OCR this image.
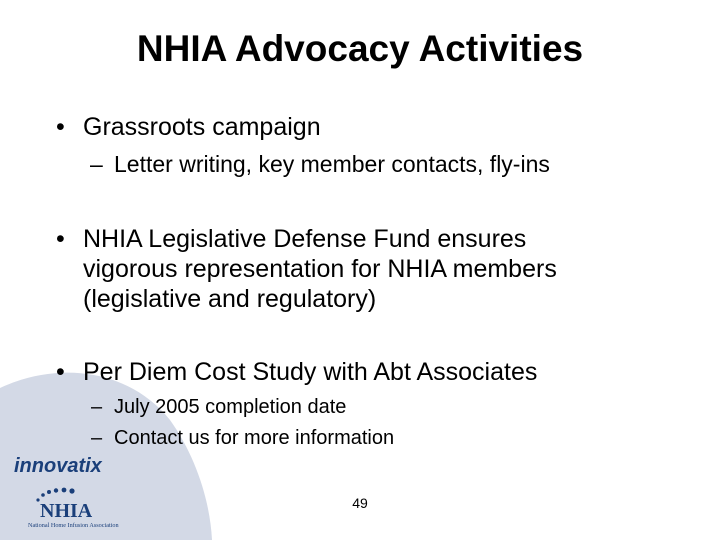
NHIA Advocacy Activities
• Grassroots campaign
– Letter writing, key member contacts, fly-ins
• NHIA Legislative Defense Fund ensures
vigorous representation for NHIA members
(legislative and regulatory)
• Per Diem Cost Study with Abt Associates
– July 2005 completion date
– Contact us for more information
innovatix
NHIA
National Home Infusion Association
49
